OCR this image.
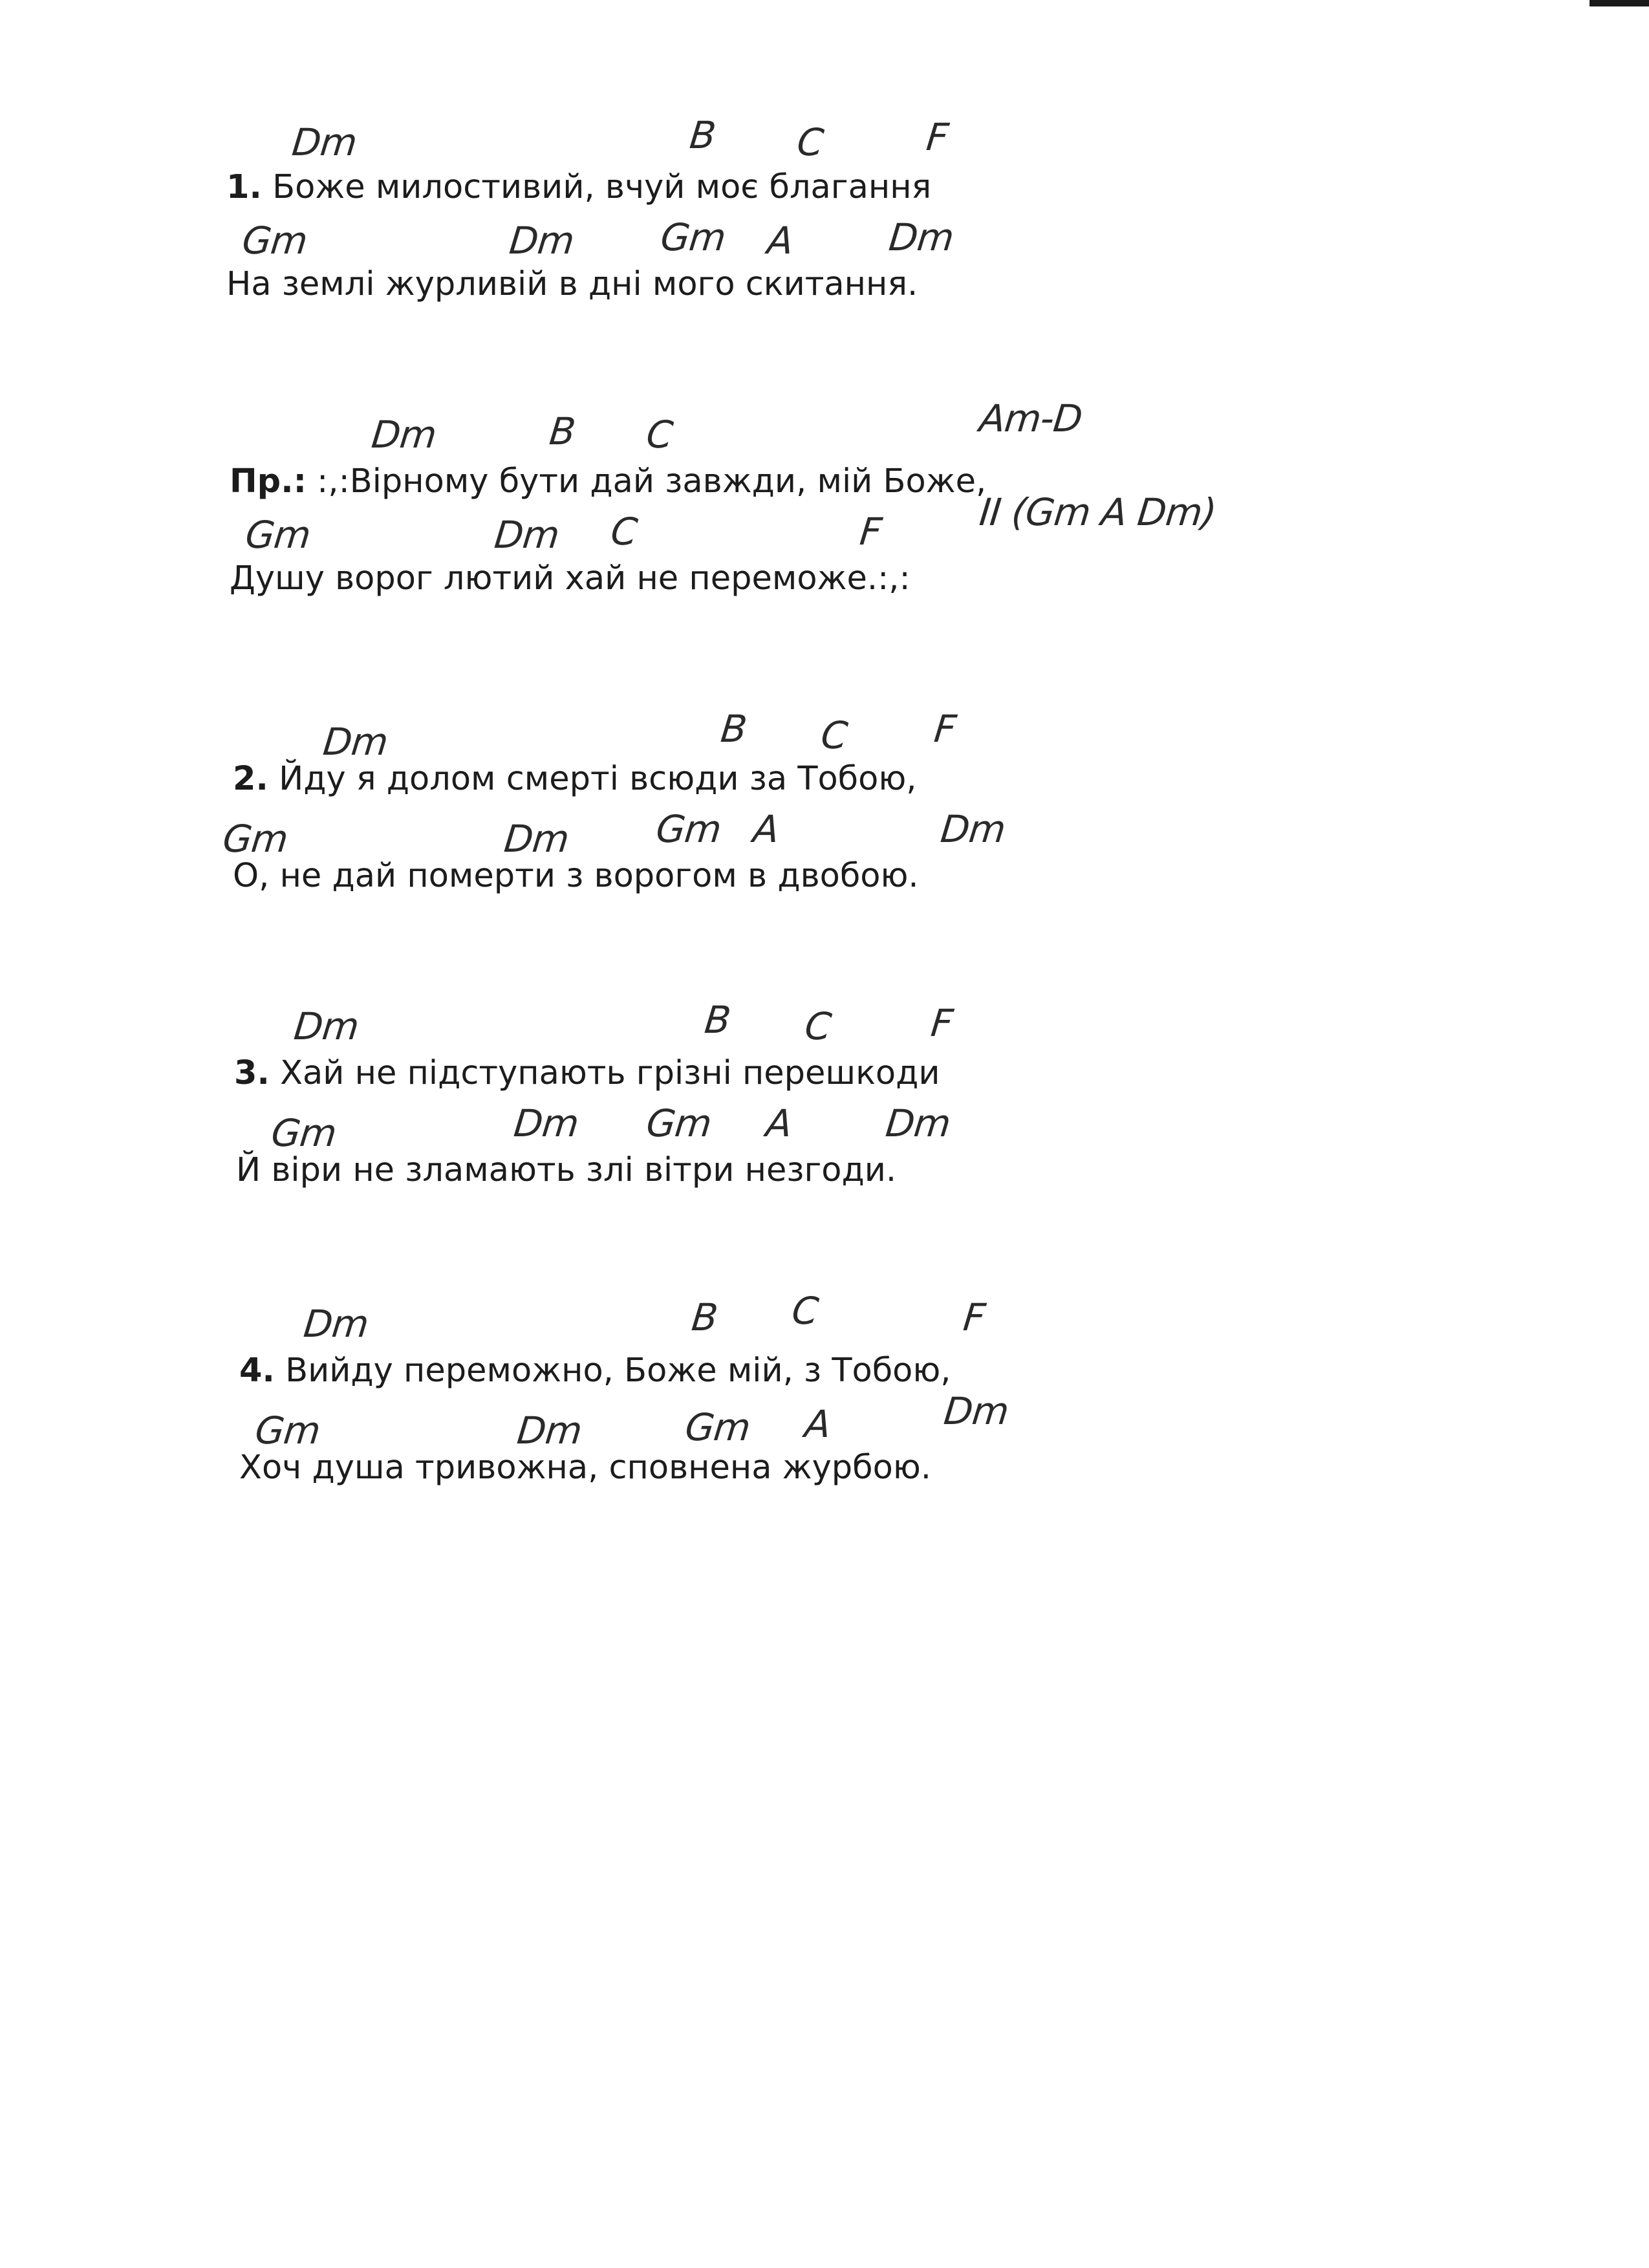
Dm	B C	F
1. Боже милостивий, вчуй моє благання
Gm	Dm Gm A Dm
На землі журливій в дні мого скитання.
Dm	B C	Am-D
Пр.: :,:Вірному бути дай завжди, мій Боже,
Gm	Dm C	F	II (Gm A Dm)
Душу ворог лютий хай не переможе.:,:
Dm	B C F
2. Йду я долом смерті всюди за Тобою,
Gm	Dm Gm A	Dm
О, не дай померти з ворогом в двобою.
Dm	B C	F
3. Хай не підступають грізні перешкоди
Gm	Dm Gm A Dm
Й віри не зламають злі вітри незгоди.
Dm	B C	F
4. Вийду переможно, Боже мій, з Тобою,
Gm	Dm	Gm A	Dm
Хоч душа тривожна, сповнена журбою.
